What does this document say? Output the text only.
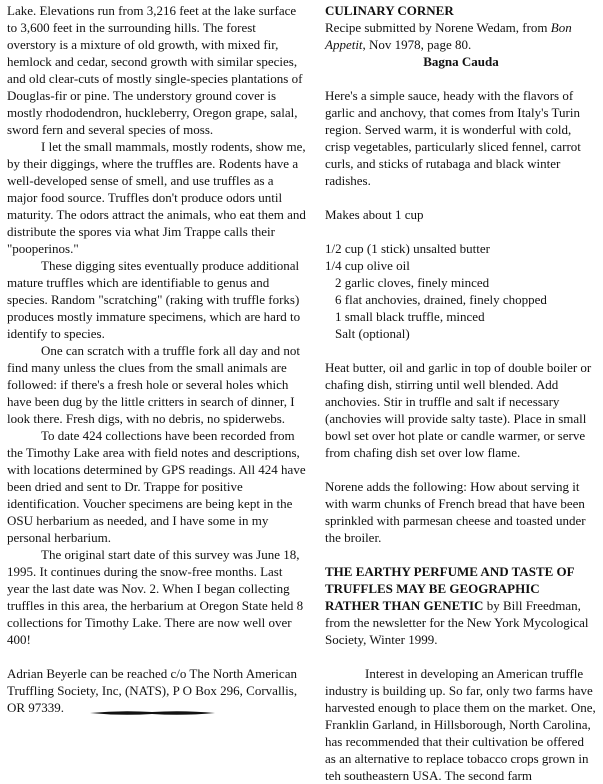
Lake. Elevations run from 3,216 feet at the lake surface to 3,600 feet in the surrounding hills. The forest overstory is a mixture of old growth, with mixed fir, hemlock and cedar, second growth with similar species, and old clear-cuts of mostly single-species plantations of Douglas-fir or pine. The understory ground cover is mostly rhododendron, huckleberry, Oregon grape, salal, sword fern and several species of moss.

I let the small mammals, mostly rodents, show me, by their diggings, where the truffles are. Rodents have a well-developed sense of smell, and use truffles as a major food source. Truffles don't produce odors until maturity. The odors attract the animals, who eat them and distribute the spores via what Jim Trappe calls their "pooperinos."

These digging sites eventually produce additional mature truffles which are identifiable to genus and species. Random "scratching" (raking with truffle forks) produces mostly immature specimens, which are hard to identify to species.

One can scratch with a truffle fork all day and not find many unless the clues from the small animals are followed: if there's a fresh hole or several holes which have been dug by the little critters in search of dinner, I look there. Fresh digs, with no debris, no spiderwebs.

To date 424 collections have been recorded from the Timothy Lake area with field notes and descriptions, with locations determined by GPS readings. All 424 have been dried and sent to Dr. Trappe for positive identification. Voucher specimens are being kept in the OSU herbarium as needed, and I have some in my personal herbarium.

The original start date of this survey was June 18, 1995. It continues during the snow-free months. Last year the last date was Nov. 2. When I began collecting truffles in this area, the herbarium at Oregon State held 8 collections for Timothy Lake. There are now well over 400!

Adrian Beyerle can be reached c/o The North American Truffling Society, Inc, (NATS), P O Box 296, Corvallis, OR 97339.

CULINARY CORNER

Recipe submitted by Norene Wedam, from Bon Appetit, Nov 1978, page 80.

Bagna Cauda

Here's a simple sauce, heady with the flavors of garlic and anchovy, that comes from Italy's Turin region. Served warm, it is wonderful with cold, crisp vegetables, particularly sliced fennel, carrot curls, and sticks of rutabaga and black winter radishes.

Makes about 1 cup

1/2 cup (1 stick) unsalted butter

1/4 cup olive oil

2 garlic cloves, finely minced

6 flat anchovies, drained, finely chopped

1 small black truffle, minced

Salt (optional)

Heat butter, oil and garlic in top of double boiler or chafing dish, stirring until well blended. Add anchovies. Stir in truffle and salt if necessary (anchovies will provide salty taste). Place in small bowl set over hot plate or candle warmer, or serve from chafing dish set over low flame.

Norene adds the following: How about serving it with warm chunks of French bread that have been sprinkled with parmesan cheese and toasted under the broiler.

THE EARTHY PERFUME AND TASTE OF TRUFFLES MAY BE GEOGRAPHIC RATHER THAN GENETIC by Bill Freedman, from the newsletter for the New York Mycological Society, Winter 1999.

Interest in developing an American truffle industry is building up. So far, only two farms have harvested enough to place them on the market. One, Franklin Garland, in Hillsborough, North Carolina, has recommended that their cultivation be offered as an alternative to replace tobacco crops grown in teh southeastern USA. The second farm
